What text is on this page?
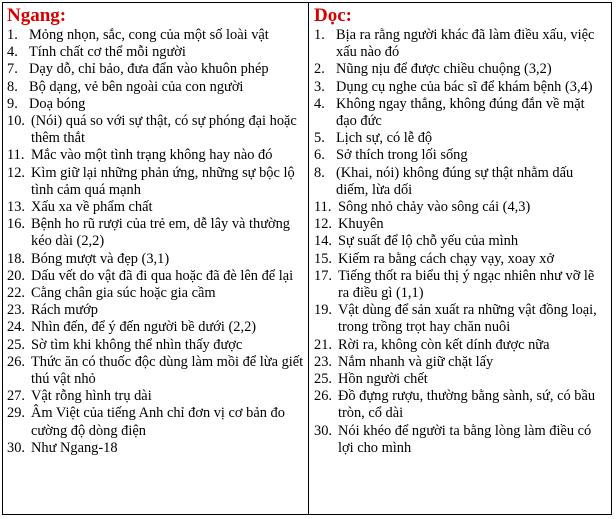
Ngang:
1. Mỏng nhọn, sắc, cong của một số loài vật
4. Tính chất cơ thể mỗi người
7. Dạy dỗ, chỉ bảo, đưa đẩn vào khuôn phép
8. Bộ dạng, vẻ bên ngoài của con người
9. Doạ bóng
10. (Nói) quá so với sự thật, có sự phóng đại hoặc thêm thắt
11. Mắc vào một tình trạng không hay nào đó
12. Kìm giữ lại những phản ứng, những sự bộc lộ tình cảm quá mạnh
13. Xấu xa về phẩm chất
16. Bệnh ho rũ rượi của trẻ em, dễ lây và thường kéo dài (2,2)
18. Bóng mượt và đẹp (3,1)
20. Dấu vết do vật đã đi qua hoặc đã đè lên để lại
22. Cằng chân gia súc hoặc gia cầm
23. Rách mướp
24. Nhìn đến, để ý đến người bề dưới (2,2)
25. Sờ tìm khi không thể nhìn thấy được
26. Thức ăn có thuốc độc dùng làm mồi để lừa giết thú vật nhỏ
27. Vật rỗng hình trụ dài
29. Âm Việt của tiếng Anh chỉ đơn vị cơ bản đo cường độ dòng điện
30. Như Ngang-18
Dọc:
1. Bịa ra rằng người khác đã làm điều xấu, việc xấu nào đó
2. Nũng nịu để được chiều chuộng (3,2)
3. Dụng cụ nghe của bác sĩ để khám bệnh (3,4)
4. Không ngay thẳng, không đúng đắn về mặt đạo đức
5. Lịch sự, có lễ độ
6. Sở thích trong lối sống
8. (Khai, nói) không đúng sự thật nhằm dấu diếm, lừa dối
11. Sông nhỏ chảy vào sông cái (4,3)
12. Khuyên
14. Sự suất để lộ chỗ yếu của mình
15. Kiếm ra bằng cách chạy vạy, xoay xở
17. Tiếng thốt ra biểu thị ý ngạc nhiên như vỡ lẽ ra điều gì (1,1)
19. Vật dùng để sản xuất ra những vật đồng loại, trong trồng trọt hay chăn nuôi
21. Rời ra, không còn kết dính được nữa
23. Nắm nhanh và giữ chặt lấy
25. Hồn người chết
26. Đồ đựng rượu, thường bằng sành, sứ, có bầu tròn, cổ dài
30. Nói khéo để người ta bằng lòng làm điều có lợi cho mình
